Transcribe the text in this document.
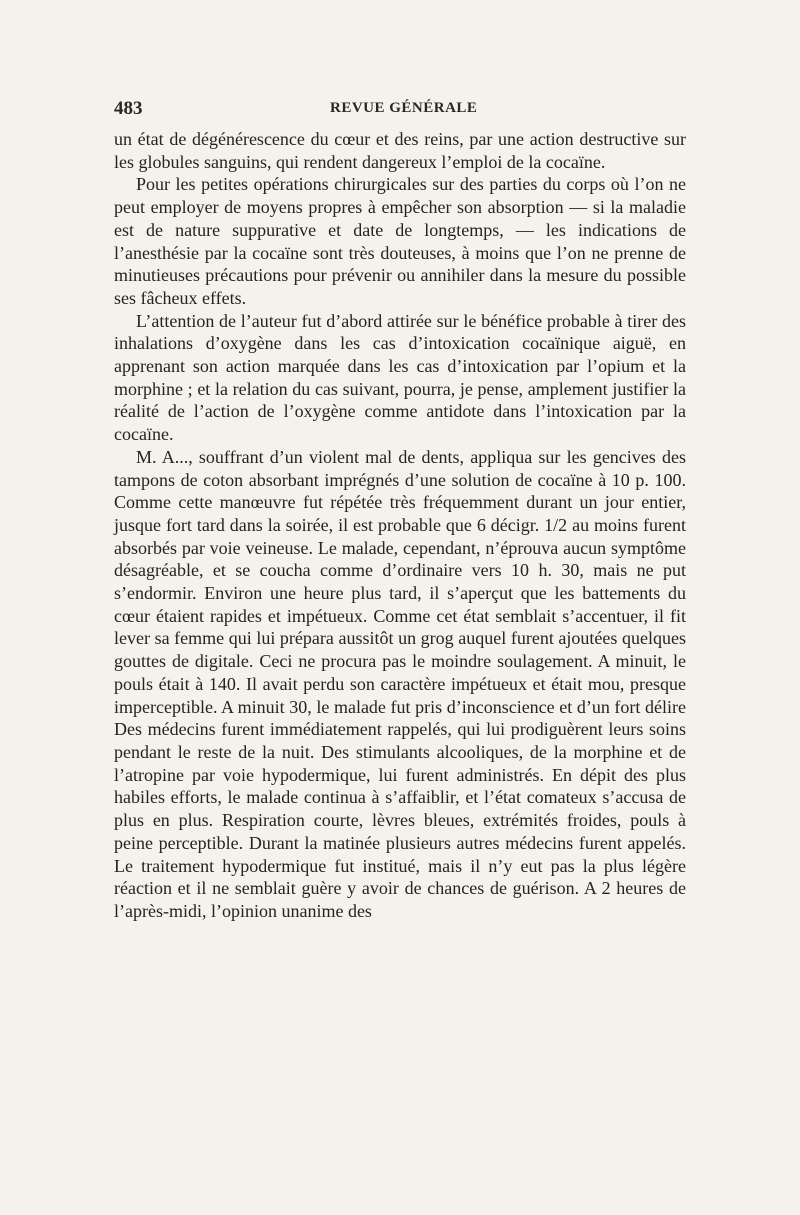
483	REVUE GÉNÉRALE

un état de dégénérescence du cœur et des reins, par une action destructive sur les globules sanguins, qui rendent dangereux l’emploi de la cocaïne.

Pour les petites opérations chirurgicales sur des parties du corps où l’on ne peut employer de moyens propres à empêcher son absorption — si la maladie est de nature suppurative et date de longtemps, — les indications de l’anesthésie par la cocaïne sont très douteuses, à moins que l’on ne prenne de minutieuses précautions pour prévenir ou annihiler dans la mesure du possible ses fâcheux effets.

L’attention de l’auteur fut d’abord attirée sur le bénéfice probable à tirer des inhalations d’oxygène dans les cas d’intoxication cocaïnique aiguë, en apprenant son action marquée dans les cas d’intoxication par l’opium et la morphine ; et la relation du cas suivant, pourra, je pense, amplement justifier la réalité de l’action de l’oxygène comme antidote dans l’intoxication par la cocaïne.

M. A..., souffrant d’un violent mal de dents, appliqua sur les gencives des tampons de coton absorbant imprégnés d’une solution de cocaïne à 10 p. 100. Comme cette manœuvre fut répétée très fréquemment durant un jour entier, jusque fort tard dans la soirée, il est probable que 6 décigr. 1/2 au moins furent absorbés par voie veineuse. Le malade, cependant, n’éprouva aucun symptôme désagréable, et se coucha comme d’ordinaire vers 10 h. 30, mais ne put s’endormir. Environ une heure plus tard, il s’aperçut que les battements du cœur étaient rapides et impétueux. Comme cet état semblait s’accentuer, il fit lever sa femme qui lui prépara aussitôt un grog auquel furent ajoutées quelques gouttes de digitale. Ceci ne procura pas le moindre soulagement. A minuit, le pouls était à 140. Il avait perdu son caractère impétueux et était mou, presque imperceptible. A minuit 30, le malade fut pris d’inconscience et d’un fort délire Des médecins furent immédiatement rappelés, qui lui prodiguèrent leurs soins pendant le reste de la nuit. Des stimulants alcooliques, de la morphine et de l’atropine par voie hypodermique, lui furent administrés. En dépit des plus habiles efforts, le malade continua à s’affaiblir, et l’état comateux s’accusa de plus en plus. Respiration courte, lèvres bleues, extrémités froides, pouls à peine perceptible. Durant la matinée plusieurs autres médecins furent appelés. Le traitement hypodermique fut institué, mais il n’y eut pas la plus légère réaction et il ne semblait guère y avoir de chances de guérison. A 2 heures de l’après-midi, l’opinion unanime des
